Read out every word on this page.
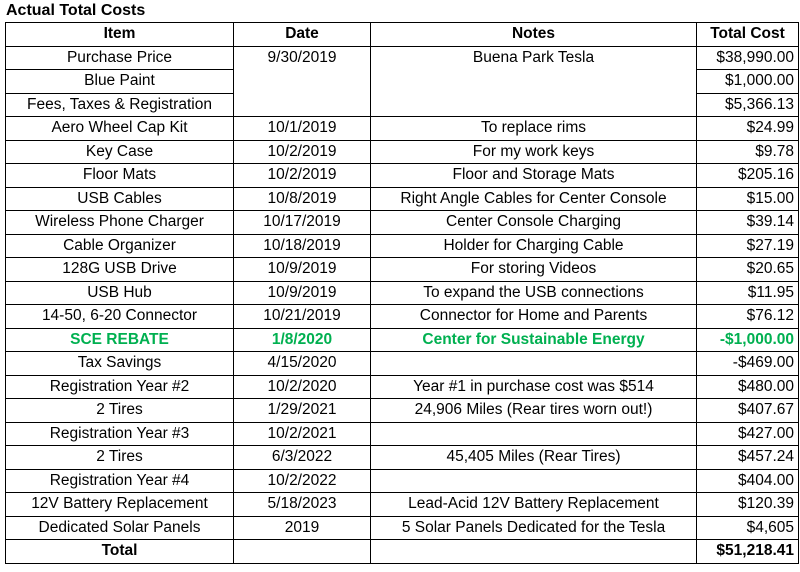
Actual Total Costs
Item	Date	Notes	Total Cost
Purchase Price	9/30/2019	Buena Park Tesla	$38,990.00
Blue Paint			$1,000.00
Fees, Taxes & Registration			$5,366.13
Aero Wheel Cap Kit	10/1/2019	To replace rims	$24.99
Key Case	10/2/2019	For my work keys	$9.78
Floor Mats	10/2/2019	Floor and Storage Mats	$205.16
USB Cables	10/8/2019	Right Angle Cables for Center Console	$15.00
Wireless Phone Charger	10/17/2019	Center Console Charging	$39.14
Cable Organizer	10/18/2019	Holder for Charging Cable	$27.19
128G USB Drive	10/9/2019	For storing Videos	$20.65
USB Hub	10/9/2019	To expand the USB connections	$11.95
14-50, 6-20 Connector	10/21/2019	Connector for Home and Parents	$76.12
SCE REBATE	1/8/2020	Center for Sustainable Energy	-$1,000.00
Tax Savings	4/15/2020		-$469.00
Registration Year #2	10/2/2020	Year #1 in purchase cost was $514	$480.00
2 Tires	1/29/2021	24,906 Miles (Rear tires worn out!)	$407.67
Registration Year #3	10/2/2021		$427.00
2 Tires	6/3/2022	45,405 Miles (Rear Tires)	$457.24
Registration Year #4	10/2/2022		$404.00
12V Battery Replacement	5/18/2023	Lead-Acid 12V Battery Replacement	$120.39
Dedicated Solar Panels	2019	5 Solar Panels Dedicated for the Tesla	$4,605
Total			$51,218.41
